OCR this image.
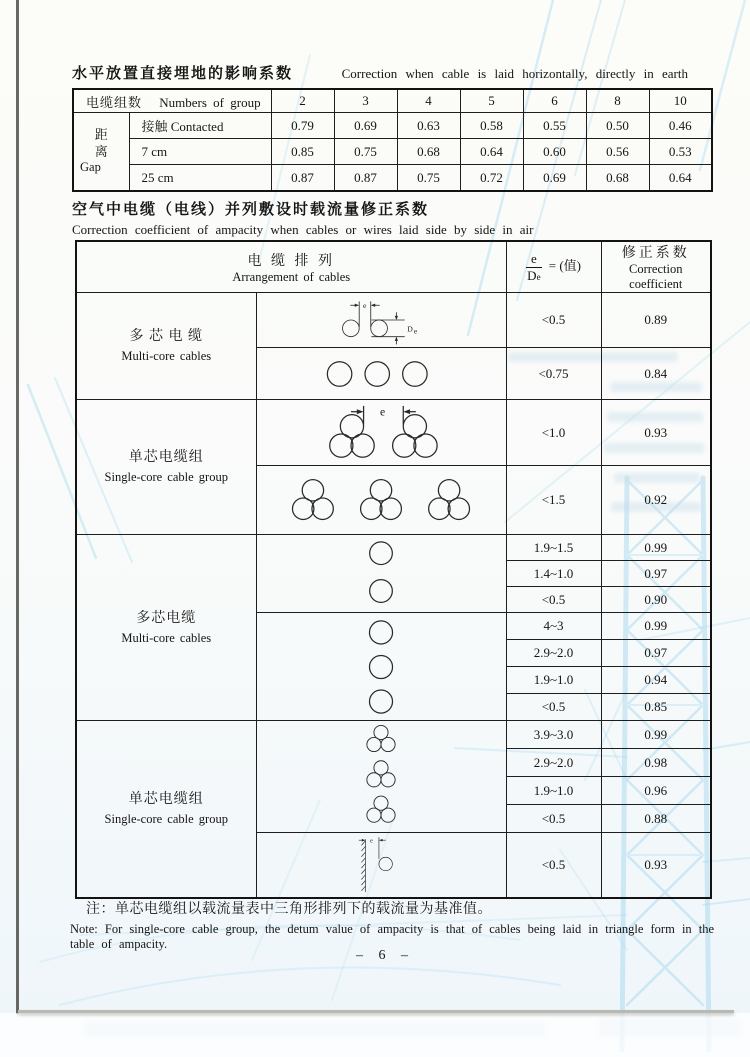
水平放置直接埋地的影响系数	Correction when cable is laid horizontally, directly in earth
电缆组数 Numbers of group		2	3	4	5	6	8	10

距
离
Gap	接触 Contacted	0.79	0.69	0.63	0.58	0.55	0.50	0.46
	7 cm	0.85	0.75	0.68	0.64	0.60	0.56	0.53
	25 cm	0.87	0.87	0.75	0.72	0.69	0.68	0.64
空气中电缆（电线）并列敷设时载流量修正系数
Correction coefficient of ampacity when cables or wires laid side by side in air
电 缆 排 列
Arrangement of cables		$\frac{e}{De}$ = (值)	修正系数
Correction coefficient

多 芯 电 缆
Multi-core cables	e
D e	<0.5	0.89

	<0.75	0.84

单芯电缆组
Single-core cable group	e	<1.0	0.93

	<1.5	0.92

多芯电缆
Multi-core cables		1.9~1.5	0.99
		1.4~1.0	0.97
		<0.5	0.90

	4~3	0.99
		2.9~2.0	0.97
		1.9~1.0	0.94
		<0.5	0.85

单芯电缆组
Single-core cable group		3.9~3.0	0.99
		2.9~2.0	0.98
		1.9~1.0	0.96
		<0.5	0.88

e	<0.5	0.93
注：单芯电缆组以载流量表中三角形排列下的载流量为基准值。
Note: For single-core cable group, the detum value of ampacity is that of cables being laid in triangle form in the table of ampacity.
– 6 –
